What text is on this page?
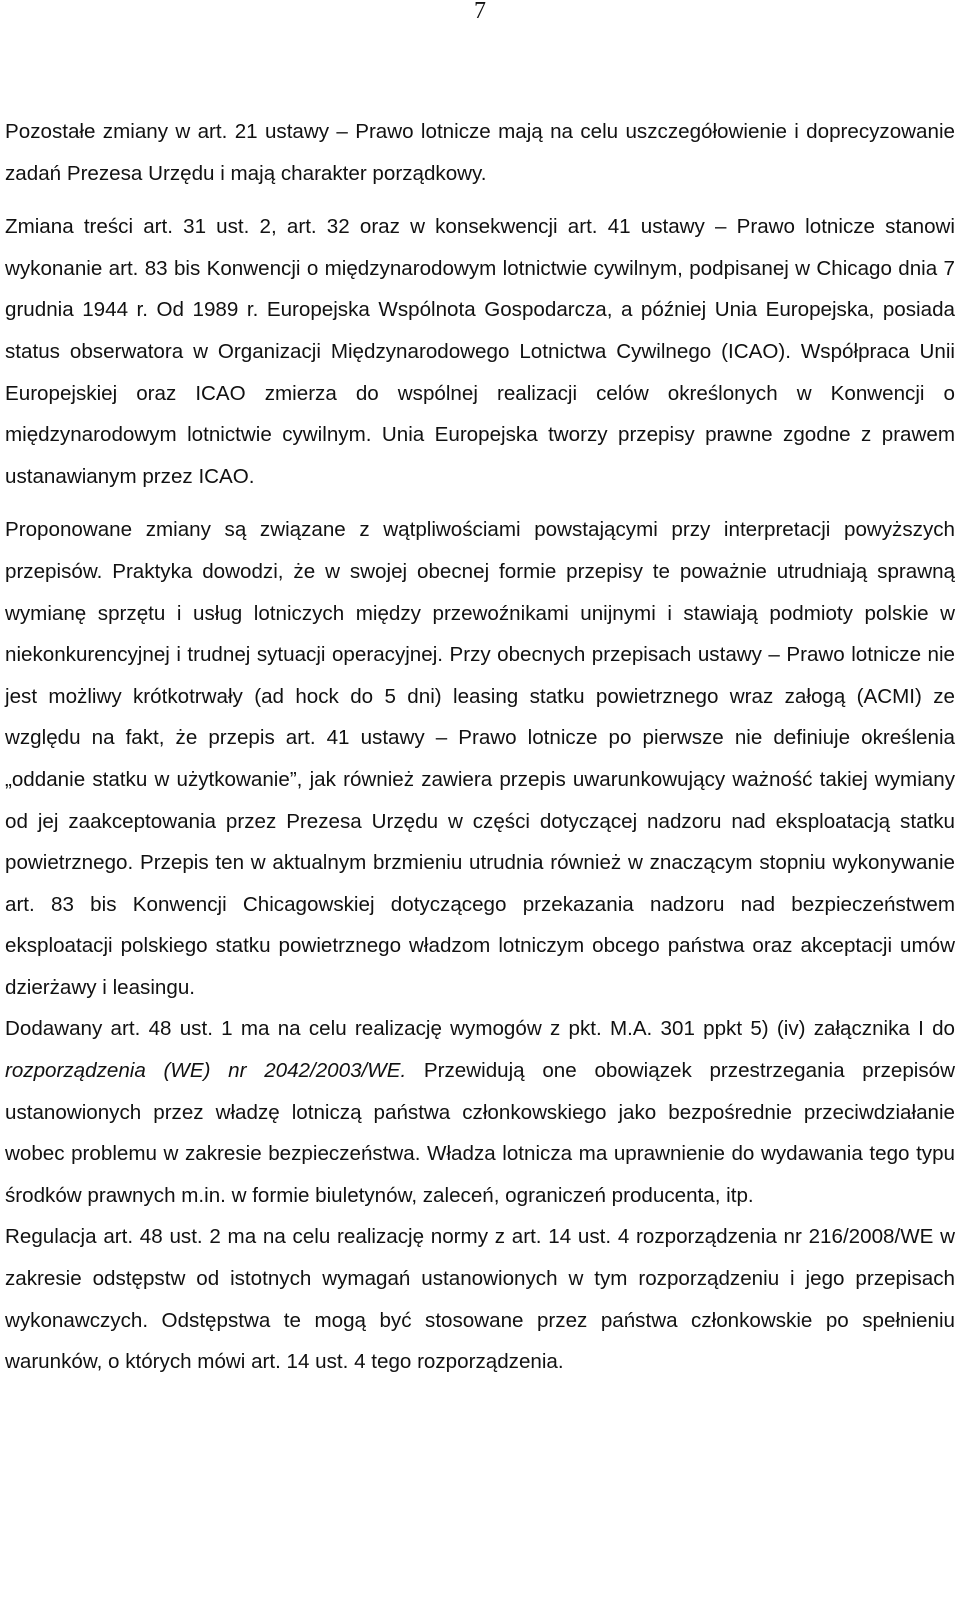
7

Pozostałe zmiany w art. 21 ustawy – Prawo lotnicze mają na celu uszczegółowienie i doprecyzowanie zadań Prezesa Urzędu i mają charakter porządkowy.

Zmiana treści art. 31 ust. 2, art. 32 oraz w konsekwencji art. 41 ustawy – Prawo lotnicze stanowi wykonanie art. 83 bis Konwencji o międzynarodowym lotnictwie cywilnym, podpisanej w Chicago dnia 7 grudnia 1944 r. Od 1989 r. Europejska Wspólnota Gospodarcza, a później Unia Europejska, posiada status obserwatora w Organizacji Międzynarodowego Lotnictwa Cywilnego (ICAO). Współpraca Unii Europejskiej oraz ICAO zmierza do wspólnej realizacji celów określonych w Konwencji o międzynarodowym lotnictwie cywilnym. Unia Europejska tworzy przepisy prawne zgodne z prawem ustanawianym przez ICAO.

Proponowane zmiany są związane z wątpliwościami powstającymi przy interpretacji powyższych przepisów. Praktyka dowodzi, że w swojej obecnej formie przepisy te poważnie utrudniają sprawną wymianę sprzętu i usług lotniczych między przewoźnikami unijnymi i stawiają podmioty polskie w niekonkurencyjnej i trudnej sytuacji operacyjnej. Przy obecnych przepisach ustawy – Prawo lotnicze nie jest możliwy krótkotrwały (ad hock do 5 dni) leasing statku powietrznego wraz załogą (ACMI) ze względu na fakt, że przepis art. 41 ustawy – Prawo lotnicze po pierwsze nie definiuje określenia „oddanie statku w użytkowanie”, jak również zawiera przepis uwarunkowujący ważność takiej wymiany od jej zaakceptowania przez Prezesa Urzędu w części dotyczącej nadzoru nad eksploatacją statku powietrznego. Przepis ten w aktualnym brzmieniu utrudnia również w znaczącym stopniu wykonywanie art. 83 bis Konwencji Chicagowskiej dotyczącego przekazania nadzoru nad bezpieczeństwem eksploatacji polskiego statku powietrznego władzom lotniczym obcego państwa oraz akceptacji umów dzierżawy i leasingu.

Dodawany art. 48 ust. 1 ma na celu realizację wymogów z pkt. M.A. 301 ppkt 5) (iv) załącznika I do rozporządzenia (WE) nr 2042/2003/WE. Przewidują one obowiązek przestrzegania przepisów ustanowionych przez władzę lotniczą państwa członkowskiego jako bezpośrednie przeciwdziałanie wobec problemu w zakresie bezpieczeństwa. Władza lotnicza ma uprawnienie do wydawania tego typu środków prawnych m.in. w formie biuletynów, zaleceń, ograniczeń producenta, itp.

Regulacja art. 48 ust. 2 ma na celu realizację normy z art. 14 ust. 4 rozporządzenia nr 216/2008/WE w zakresie odstępstw od istotnych wymagań ustanowionych w tym rozporządzeniu i jego przepisach wykonawczych. Odstępstwa te mogą być stosowane przez państwa członkowskie po spełnieniu warunków, o których mówi art. 14 ust. 4 tego rozporządzenia.
